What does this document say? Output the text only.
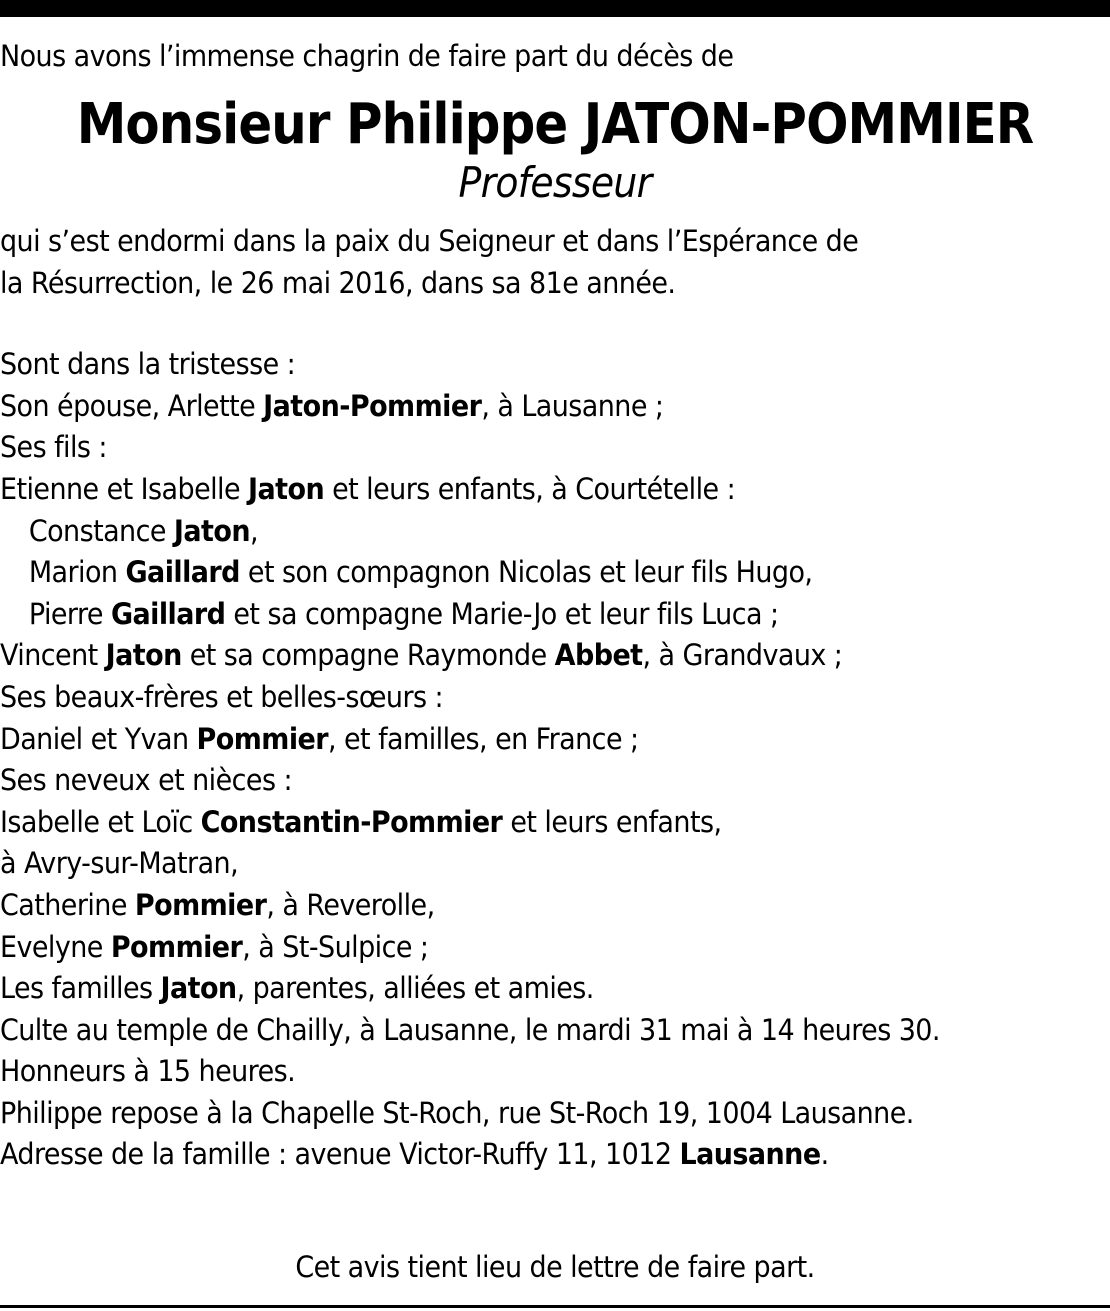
Nous avons l’immense chagrin de faire part du décès de
Monsieur Philippe JATON-POMMIER
Professeur
qui s’est endormi dans la paix du Seigneur et dans l’Espérance de
la Résurrection, le 26 mai 2016, dans sa 81e année.
Sont dans la tristesse :
Son épouse, Arlette Jaton-Pommier, à Lausanne ;
Ses fils :
Etienne et Isabelle Jaton et leurs enfants, à Courtételle :
Constance Jaton,
Marion Gaillard et son compagnon Nicolas et leur fils Hugo,
Pierre Gaillard et sa compagne Marie-Jo et leur fils Luca ;
Vincent Jaton et sa compagne Raymonde Abbet, à Grandvaux ;
Ses beaux-frères et belles-sœurs :
Daniel et Yvan Pommier, et familles, en France ;
Ses neveux et nièces :
Isabelle et Loïc Constantin-Pommier et leurs enfants,
à Avry-sur-Matran,
Catherine Pommier, à Reverolle,
Evelyne Pommier, à St-Sulpice ;
Les familles Jaton, parentes, alliées et amies.
Culte au temple de Chailly, à Lausanne, le mardi 31 mai à 14 heures 30.
Honneurs à 15 heures.
Philippe repose à la Chapelle St-Roch, rue St-Roch 19, 1004 Lausanne.
Adresse de la famille : avenue Victor-Ruffy 11, 1012 Lausanne.
Cet avis tient lieu de lettre de faire part.
